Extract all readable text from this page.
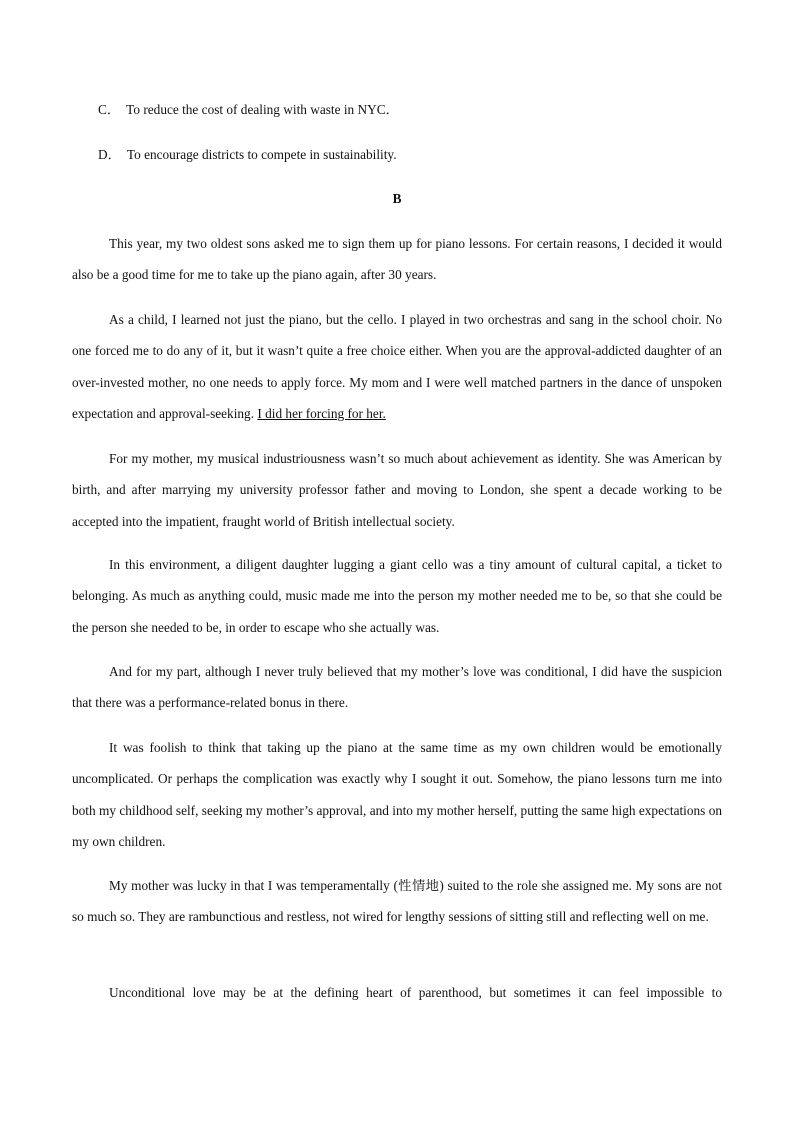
C． To reduce the cost of dealing with waste in NYC．
D． To encourage districts to compete in sustainability.
B

This year, my two oldest sons asked me to sign them up for piano lessons. For certain reasons, I decided it would also be a good time for me to take up the piano again, after 30 years.

As a child, I learned not just the piano, but the cello. I played in two orchestras and sang in the school choir. No one forced me to do any of it, but it wasn’t quite a free choice either. When you are the approval-addicted daughter of an over-invested mother, no one needs to apply force. My mom and I were well matched partners in the dance of unspoken expectation and approval-seeking. I did her forcing for her.

For my mother, my musical industriousness wasn’t so much about achievement as identity. She was American by birth, and after marrying my university professor father and moving to London, she spent a decade working to be accepted into the impatient, fraught world of British intellectual society.

In this environment, a diligent daughter lugging a giant cello was a tiny amount of cultural capital, a ticket to belonging. As much as anything could, music made me into the person my mother needed me to be, so that she could be the person she needed to be, in order to escape who she actually was.

And for my part, although I never truly believed that my mother’s love was conditional, I did have the suspicion that there was a performance-related bonus in there.

It was foolish to think that taking up the piano at the same time as my own children would be emotionally uncomplicated. Or perhaps the complication was exactly why I sought it out. Somehow, the piano lessons turn me into both my childhood self, seeking my mother’s approval, and into my mother herself, putting the same high expectations on my own children.

My mother was lucky in that I was temperamentally (性情地) suited to the role she assigned me. My sons are not so much so. They are rambunctious and restless, not wired for lengthy sessions of sitting still and reflecting well on me.

Unconditional love may be at the defining heart of parenthood, but sometimes it can feel impossible to
